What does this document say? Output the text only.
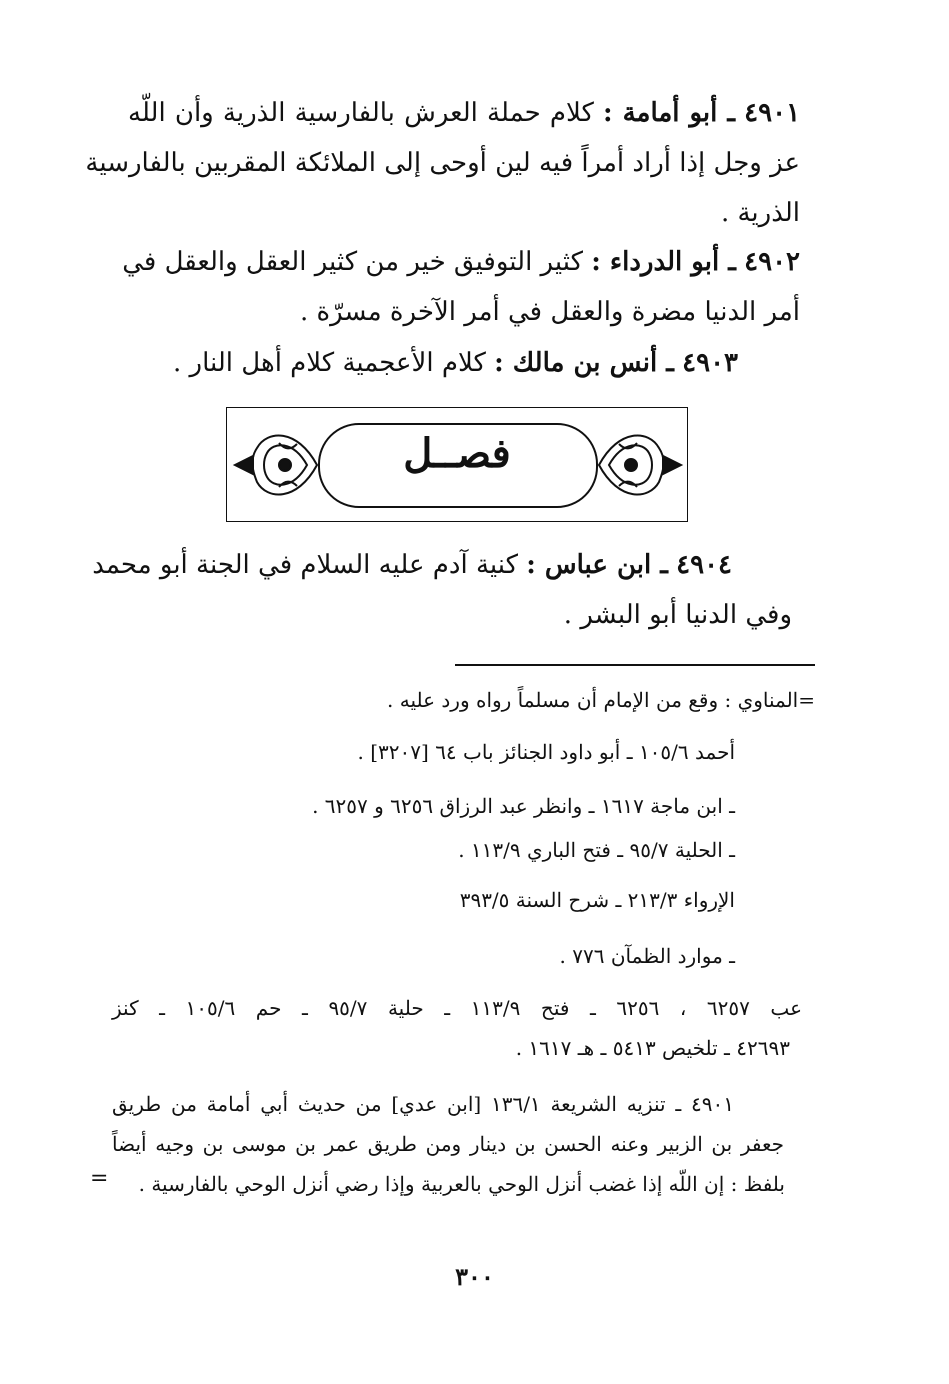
٤٩٠١ ـ أبو أمامة : كلام حملة العرش بالفارسية الذرية وأن اللّه
عز وجل إذا أراد أمراً فيه لين أوحى إلى الملائكة المقربين بالفارسية
الذرية .
٤٩٠٢ ـ أبو الدرداء : كثير التوفيق خير من كثير العقل والعقل في
أمر الدنيا مضرة والعقل في أمر الآخرة مسرّة .
٤٩٠٣ ـ أنس بن مالك : كلام الأعجمية كلام أهل النار .
فصــل
٤٩٠٤ ـ ابن عباس : كنية آدم عليه السلام في الجنة أبو محمد
وفي الدنيا أبو البشر .
=المناوي : وقع من الإمام أن مسلماً رواه ورد عليه .
أحمد ١٠٥/٦ ـ أبو داود الجنائز باب ٦٤ [٣٢٠٧] .
ـ ابن ماجة ١٦١٧ ـ وانظر عبد الرزاق ٦٢٥٦ و ٦٢٥٧ .
ـ الحلية ٩٥/٧ ـ فتح الباري ١١٣/٩ .
الإرواء ٢١٣/٣ ـ شرح السنة ٣٩٣/٥
ـ موارد الظمآن ٧٧٦ .
عب ٦٢٥٧ ، ٦٢٥٦ ـ فتح ١١٣/٩ ـ حلية ٩٥/٧ ـ حم ١٠٥/٦ ـ كنز
٤٢٦٩٣ ـ تلخيص ٥٤١٣ ـ هـ ١٦١٧ .
٤٩٠١ ـ تنزيه الشريعة ١٣٦/١ [ابن عدي] من حديث أبي أمامة من طريق
جعفر بن الزبير وعنه الحسن بن دينار ومن طريق عمر بن موسى بن وجيه أيضاً
بلفظ : إن اللّه إذا غضب أنزل الوحي بالعربية وإذا رضي أنزل الوحي بالفارسية .
=
٣٠٠
